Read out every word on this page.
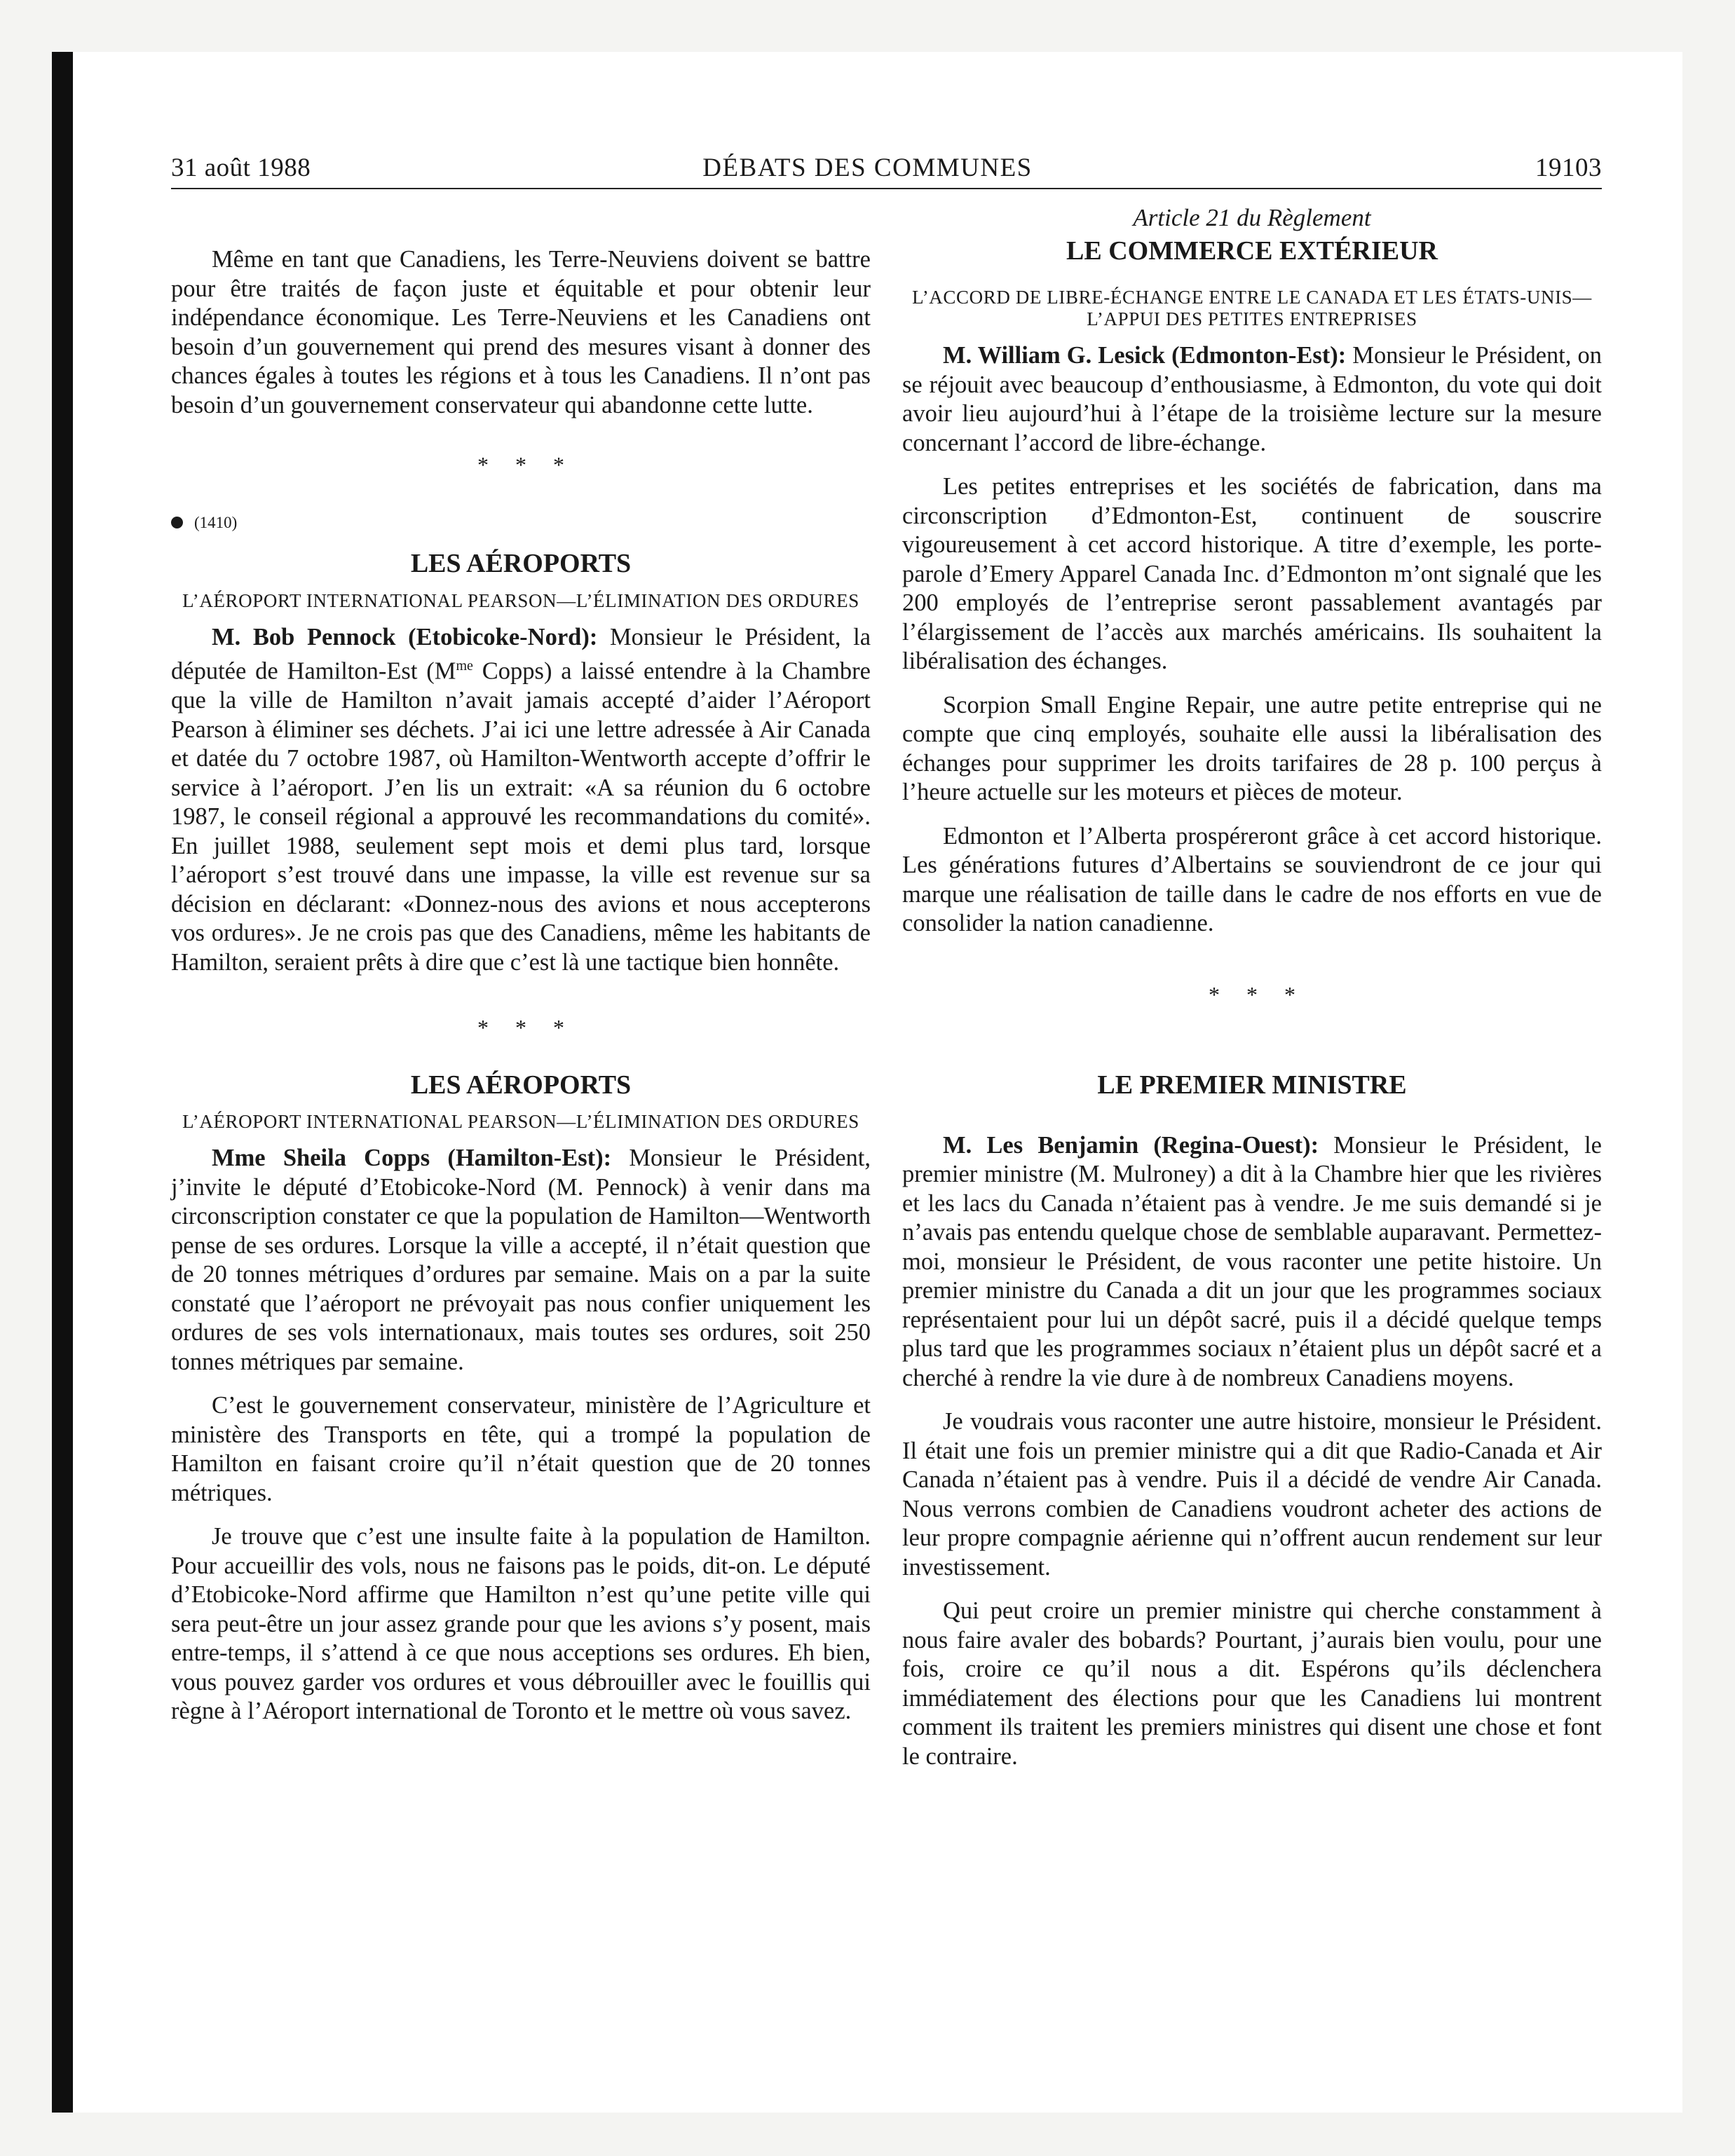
31 août 1988	DÉBATS DES COMMUNES	19103

Même en tant que Canadiens, les Terre-Neuviens doivent se battre pour être traités de façon juste et équitable et pour obtenir leur indépendance économique. Les Terre-Neuviens et les Canadiens ont besoin d’un gouvernement qui prend des mesures visant à donner des chances égales à toutes les régions et à tous les Canadiens. Il n’ont pas besoin d’un gouvernement conservateur qui abandonne cette lutte.

* * *
(1410)
LES AÉROPORTS
L’AÉROPORT INTERNATIONAL PEARSON—L’ÉLIMINATION DES ORDURES

M. Bob Pennock (Etobicoke-Nord): Monsieur le Président, la députée de Hamilton-Est ($M^{me}$ Copps) a laissé entendre à la Chambre que la ville de Hamilton n’avait jamais accepté d’aider l’Aéroport Pearson à éliminer ses déchets. J’ai ici une lettre adressée à Air Canada et datée du 7 octobre 1987, où Hamilton-Wentworth accepte d’offrir le service à l’aéroport. J’en lis un extrait: «A sa réunion du 6 octobre 1987, le conseil régional a approuvé les recommandations du comité». En juillet 1988, seulement sept mois et demi plus tard, lorsque l’aéroport s’est trouvé dans une impasse, la ville est revenue sur sa décision en déclarant: «Donnez-nous des avions et nous accepterons vos ordures». Je ne crois pas que des Canadiens, même les habitants de Hamilton, seraient prêts à dire que c’est là une tactique bien honnête.

* * *
LES AÉROPORTS
L’AÉROPORT INTERNATIONAL PEARSON—L’ÉLIMINATION DES ORDURES

Mme Sheila Copps (Hamilton-Est): Monsieur le Président, j’invite le député d’Etobicoke-Nord (M. Pennock) à venir dans ma circonscription constater ce que la population de Hamilton—Wentworth pense de ses ordures. Lorsque la ville a accepté, il n’était question que de 20 tonnes métriques d’ordures par semaine. Mais on a par la suite constaté que l’aéroport ne prévoyait pas nous confier uniquement les ordures de ses vols internationaux, mais toutes ses ordures, soit 250 tonnes métriques par semaine.

C’est le gouvernement conservateur, ministère de l’Agriculture et ministère des Transports en tête, qui a trompé la population de Hamilton en faisant croire qu’il n’était question que de 20 tonnes métriques.

Je trouve que c’est une insulte faite à la population de Hamilton. Pour accueillir des vols, nous ne faisons pas le poids, dit-on. Le député d’Etobicoke-Nord affirme que Hamilton n’est qu’une petite ville qui sera peut-être un jour assez grande pour que les avions s’y posent, mais entre-temps, il s’attend à ce que nous acceptions ses ordures. Eh bien, vous pouvez garder vos ordures et vous débrouiller avec le fouillis qui règne à l’Aéroport international de Toronto et le mettre où vous savez.

Article 21 du Règlement
LE COMMERCE EXTÉRIEUR
L’ACCORD DE LIBRE-ÉCHANGE ENTRE LE CANADA ET LES ÉTATS-UNIS—L’APPUI DES PETITES ENTREPRISES

M. William G. Lesick (Edmonton-Est): Monsieur le Président, on se réjouit avec beaucoup d’enthousiasme, à Edmonton, du vote qui doit avoir lieu aujourd’hui à l’étape de la troisième lecture sur la mesure concernant l’accord de libre-échange.

Les petites entreprises et les sociétés de fabrication, dans ma circonscription d’Edmonton-Est, continuent de souscrire vigoureusement à cet accord historique. A titre d’exemple, les porte-parole d’Emery Apparel Canada Inc. d’Edmonton m’ont signalé que les 200 employés de l’entreprise seront passablement avantagés par l’élargissement de l’accès aux marchés américains. Ils souhaitent la libéralisation des échanges.

Scorpion Small Engine Repair, une autre petite entreprise qui ne compte que cinq employés, souhaite elle aussi la libéralisation des échanges pour supprimer les droits tarifaires de 28 p. 100 perçus à l’heure actuelle sur les moteurs et pièces de moteur.

Edmonton et l’Alberta prospéreront grâce à cet accord historique. Les générations futures d’Albertains se souviendront de ce jour qui marque une réalisation de taille dans le cadre de nos efforts en vue de consolider la nation canadienne.

* * *
LE PREMIER MINISTRE

M. Les Benjamin (Regina-Ouest): Monsieur le Président, le premier ministre (M. Mulroney) a dit à la Chambre hier que les rivières et les lacs du Canada n’étaient pas à vendre. Je me suis demandé si je n’avais pas entendu quelque chose de semblable auparavant. Permettez-moi, monsieur le Président, de vous raconter une petite histoire. Un premier ministre du Canada a dit un jour que les programmes sociaux représentaient pour lui un dépôt sacré, puis il a décidé quelque temps plus tard que les programmes sociaux n’étaient plus un dépôt sacré et a cherché à rendre la vie dure à de nombreux Canadiens moyens.

Je voudrais vous raconter une autre histoire, monsieur le Président. Il était une fois un premier ministre qui a dit que Radio-Canada et Air Canada n’étaient pas à vendre. Puis il a décidé de vendre Air Canada. Nous verrons combien de Canadiens voudront acheter des actions de leur propre compagnie aérienne qui n’offrent aucun rendement sur leur investissement.

Qui peut croire un premier ministre qui cherche constamment à nous faire avaler des bobards? Pourtant, j’aurais bien voulu, pour une fois, croire ce qu’il nous a dit. Espérons qu’ils déclenchera immédiatement des élections pour que les Canadiens lui montrent comment ils traitent les premiers ministres qui disent une chose et font le contraire.
